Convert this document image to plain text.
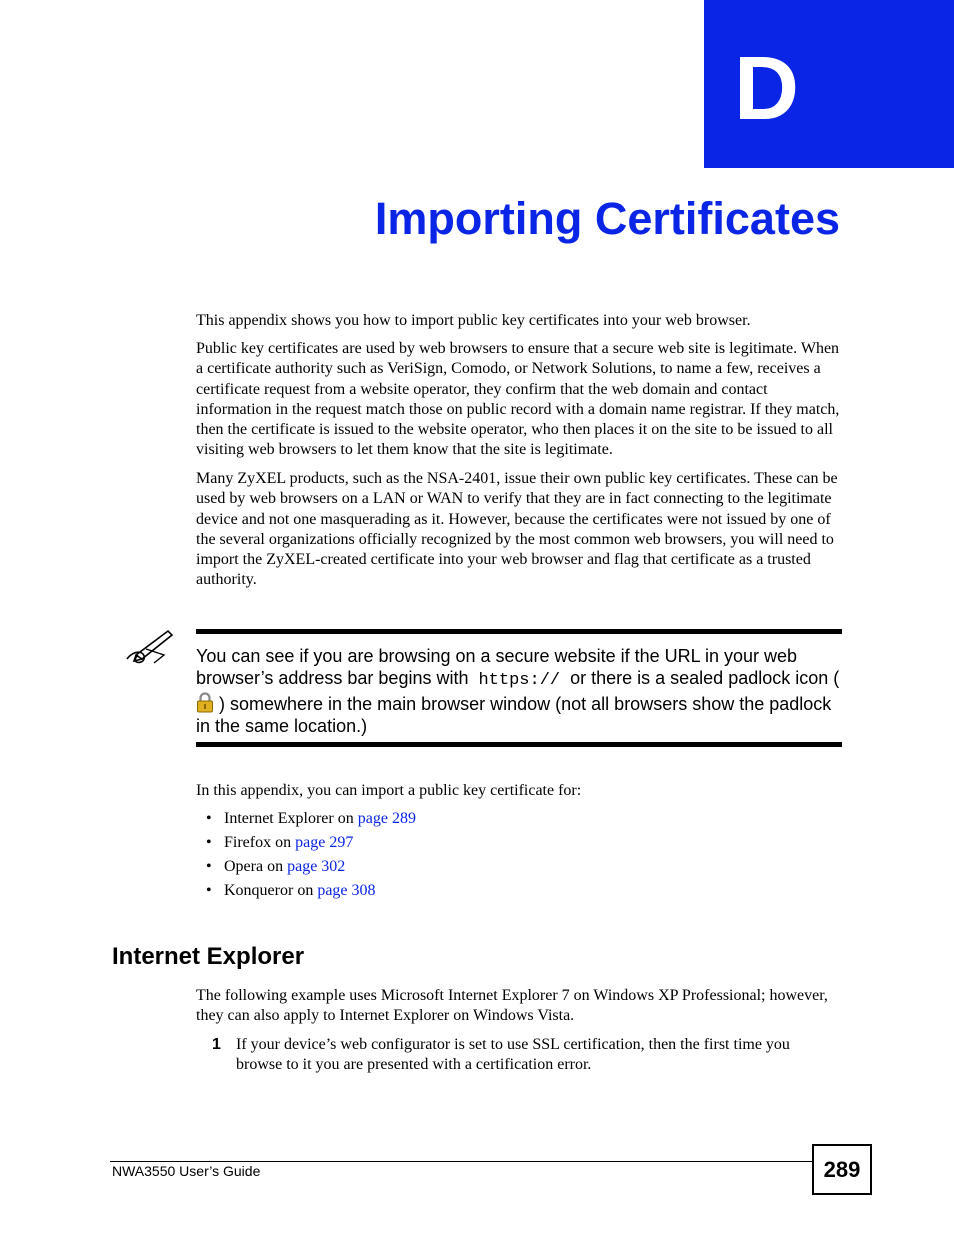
D
Importing Certificates

This appendix shows you how to import public key certificates into your web browser.

Public key certificates are used by web browsers to ensure that a secure web site is legitimate. When a certificate authority such as VeriSign, Comodo, or Network Solutions, to name a few, receives a certificate request from a website operator, they confirm that the web domain and contact information in the request match those on public record with a domain name registrar. If they match, then the certificate is issued to the website operator, who then places it on the site to be issued to all visiting web browsers to let them know that the site is legitimate.

Many ZyXEL products, such as the NSA-2401, issue their own public key certificates. These can be used by web browsers on a LAN or WAN to verify that they are in fact connecting to the legitimate device and not one masquerading as it. However, because the certificates were not issued by one of the several organizations officially recognized by the most common web browsers, you will need to import the ZyXEL-created certificate into your web browser and flag that certificate as a trusted authority.

You can see if you are browsing on a secure website if the URL in your web browser’s address bar begins with https:// or there is a sealed padlock icon (  ) somewhere in the main browser window (not all browsers show the padlock in the same location.)

In this appendix, you can import a public key certificate for:

• Internet Explorer on page 289
• Firefox on page 297
• Opera on page 302
• Konqueror on page 308
Internet Explorer

The following example uses Microsoft Internet Explorer 7 on Windows XP Professional; however, they can also apply to Internet Explorer on Windows Vista.

1 If your device’s web configurator is set to use SSL certification, then the first time you browse to it you are presented with a certification error.

NWA3550 User’s Guide	289
